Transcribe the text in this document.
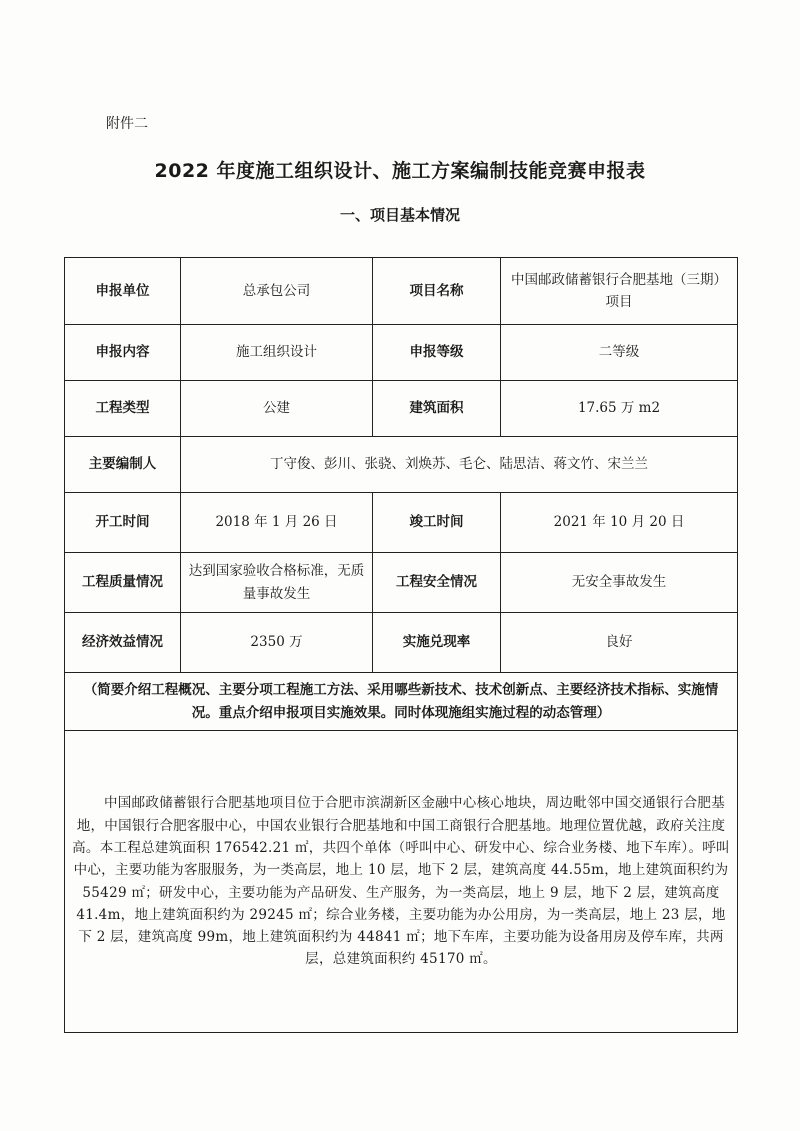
附件二
2022 年度施工组织设计、施工方案编制技能竞赛申报表
一、项目基本情况
申报单位	总承包公司	项目名称	中国邮政储蓄银行合肥基地（三期）项目
申报内容	施工组织设计	申报等级	二等级
工程类型	公建	建筑面积	17.65 万 m2
主要编制人	丁守俊、彭川、张骁、刘焕苏、毛仑、陆思洁、蒋文竹、宋兰兰		
开工时间	2018 年 1 月 26 日	竣工时间	2021 年 10 月 20 日
工程质量情况	达到国家验收合格标准，无质量事故发生	工程安全情况	无安全事故发生
经济效益情况	2350 万	实施兑现率	良好
（简要介绍工程概况、主要分项工程施工方法、采用哪些新技术、技术创新点、主要经济技术指标、实施情况。重点介绍申报项目实施效果。同时体现施组实施过程的动态管理）			

中国邮政储蓄银行合肥基地项目位于合肥市滨湖新区金融中心核心地块，周边毗邻中国交通银行合肥基地，中国银行合肥客服中心，中国农业银行合肥基地和中国工商银行合肥基地。地理位置优越，政府关注度高。本工程总建筑面积 176542.21 ㎡，共四个单体（呼叫中心、研发中心、综合业务楼、地下车库）。呼叫中心，主要功能为客服服务，为一类高层，地上 10 层，地下 2 层，建筑高度 44.55m，地上建筑面积约为 55429 ㎡；研发中心，主要功能为产品研发、生产服务，为一类高层，地上 9 层，地下 2 层，建筑高度 41.4m，地上建筑面积约为 29245 ㎡；综合业务楼，主要功能为办公用房，为一类高层，地上 23 层，地下 2 层，建筑高度 99m，地上建筑面积约为 44841 ㎡；地下车库，主要功能为设备用房及停车库，共两层，总建筑面积约 45170 ㎡。			
